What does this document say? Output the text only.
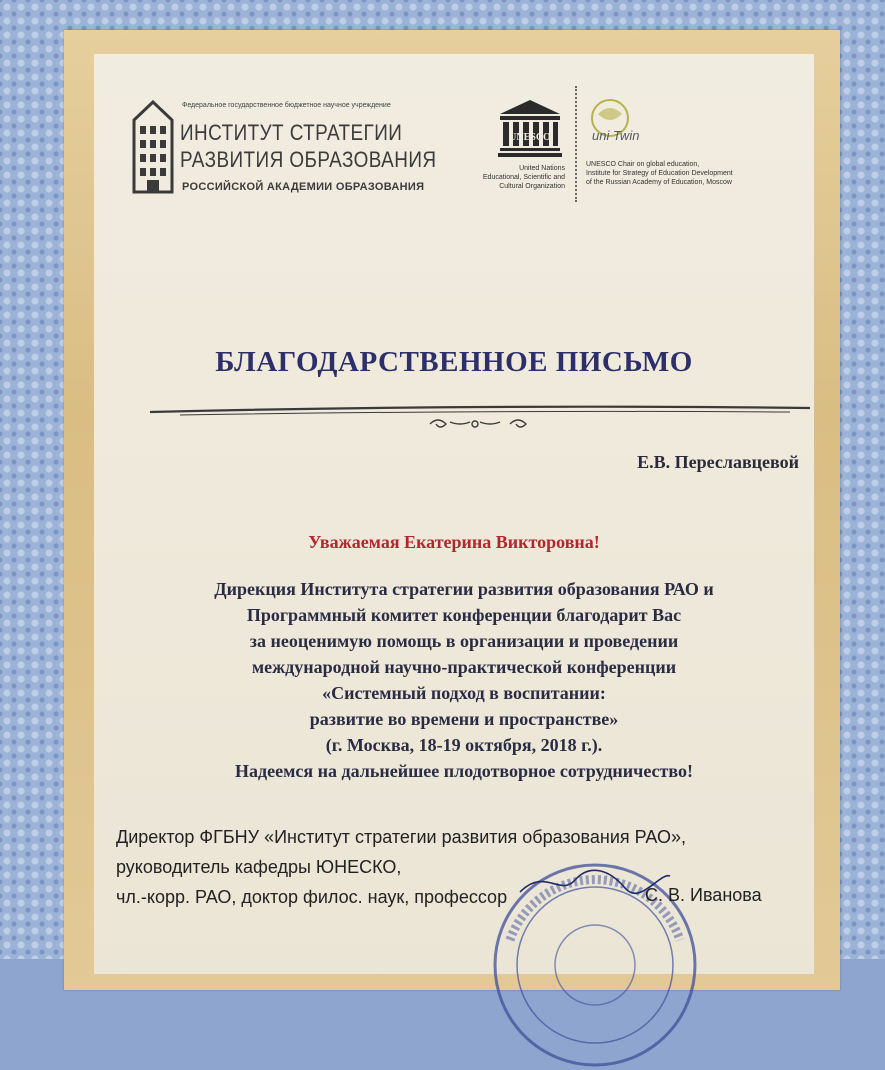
Федеральное государственное бюджетное научное учреждение
ИНСТИТУТ СТРАТЕГИИ
РАЗВИТИЯ ОБРАЗОВАНИЯ
РОССИЙСКОЙ АКАДЕМИИ ОБРАЗОВАНИЯ
UNESCO
United Nations
Educational, Scientific and
Cultural Organization
uni Twin
UNESCO Chair on global education,
Institute for Strategy of Education Development
of the Russian Academy of Education, Moscow
БЛАГОДАРСТВЕННОЕ ПИСЬМО
Е.В. Переславцевой
Уважаемая Екатерина Викторовна!
Дирекция Института стратегии развития образования РАО и
Программный комитет конференции благодарит Вас
за неоценимую помощь в организации и проведении
международной научно-практической конференции
«Системный подход в воспитании:
развитие во времени и пространстве»
(г. Москва, 18-19 октября, 2018 г.).
Надеемся на дальнейшее плодотворное сотрудничество!
Директор ФГБНУ «Институт стратегии развития образования РАО»,
руководитель кафедры ЮНЕСКО,
чл.-корр. РАО, доктор филос. наук, профессор	С. В. Иванова
